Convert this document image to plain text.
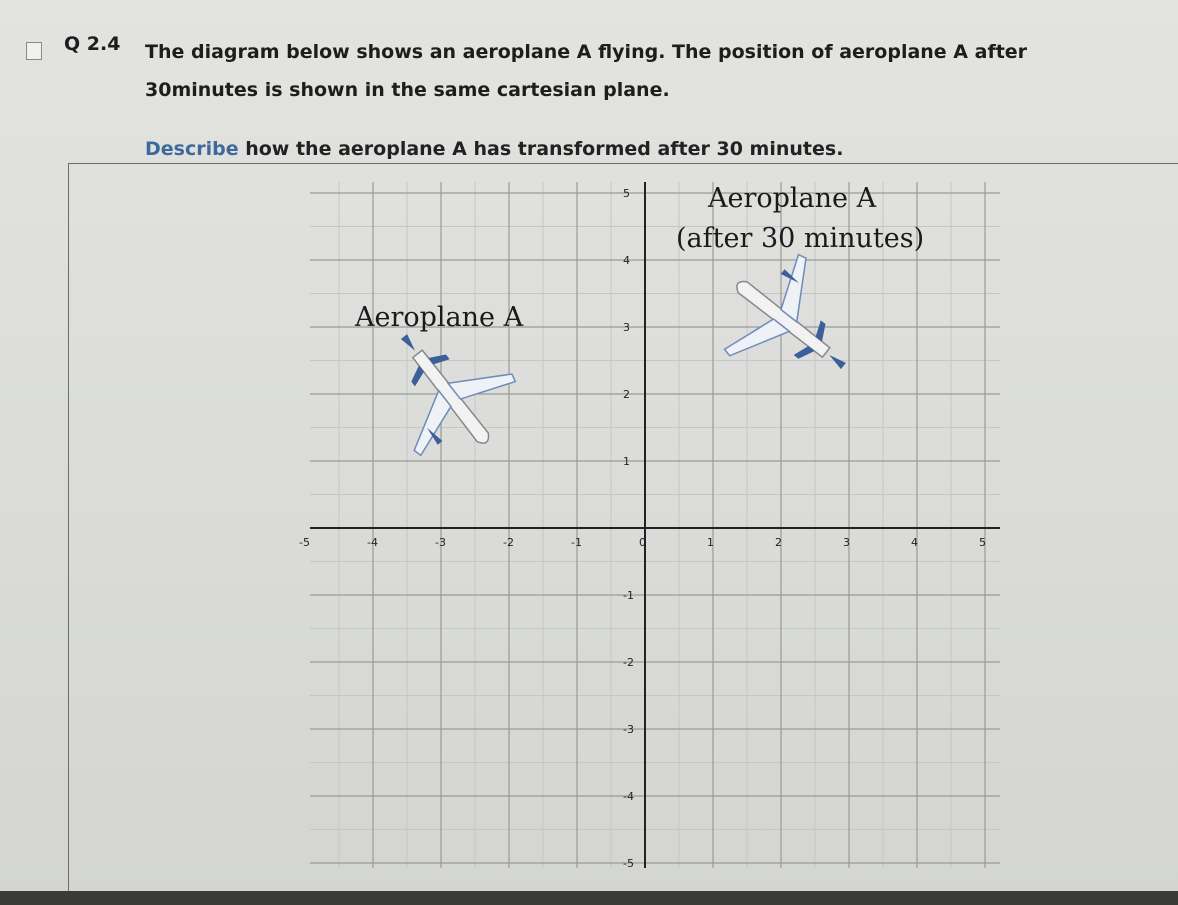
Q 2.4 The diagram below shows an aeroplane A flying. The position of aeroplane A after 30minutes is shown in the same cartesian plane.
Describe how the aeroplane A has transformed after 30 minutes.
-5	-4	-3	-2	-1	0	1	2	3	4	5
5
4
3
2
1
-1
-2
-3
-4
-5
Aeroplane A
Aeroplane A
(after 30 minutes)
